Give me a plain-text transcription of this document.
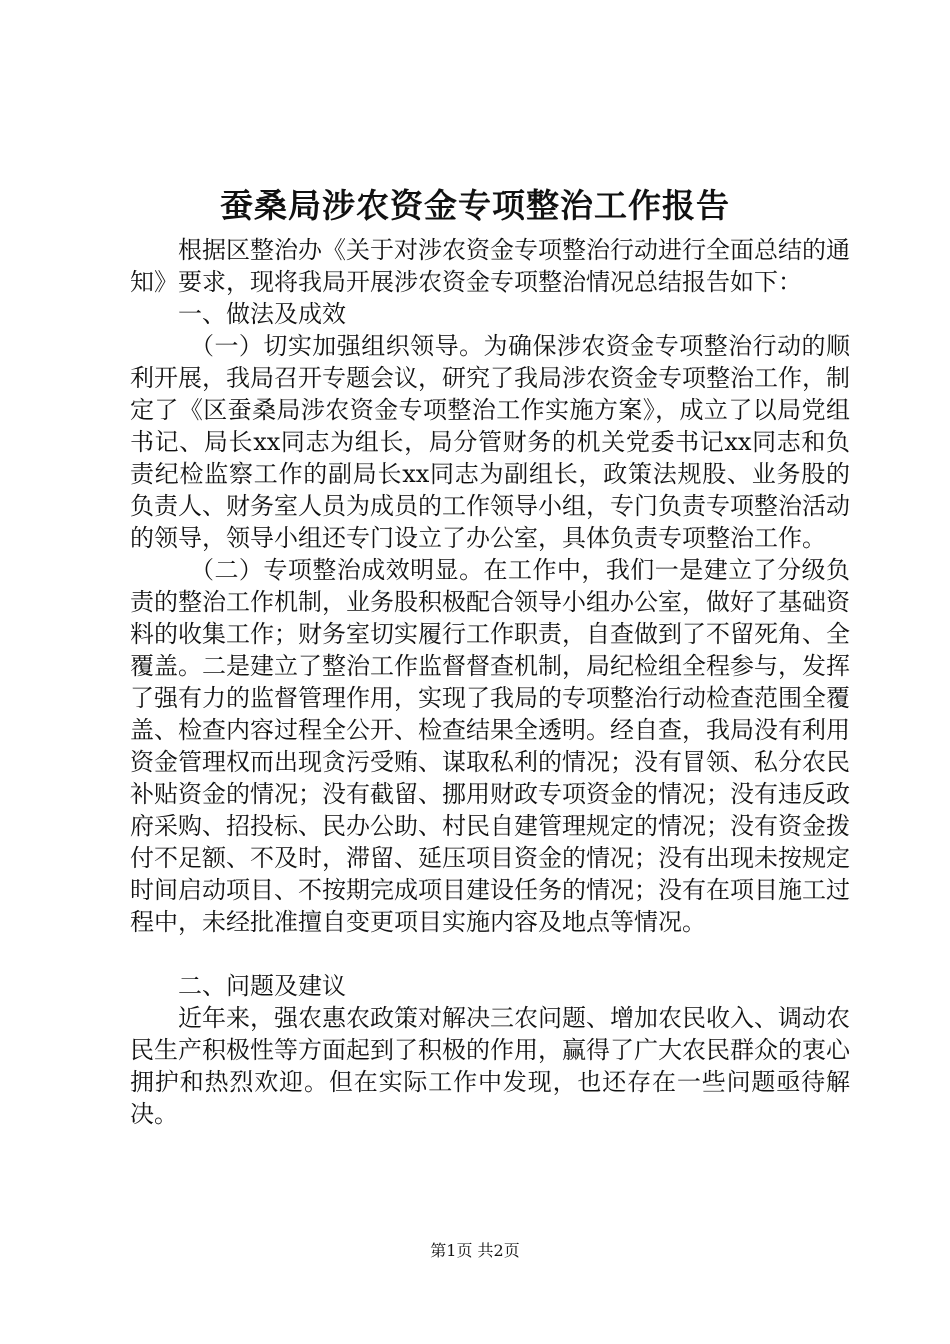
蚕桑局涉农资金专项整治工作报告

根据区整治办《关于对涉农资金专项整治行动进行全面总结的通知》要求，现将我局开展涉农资金专项整治情况总结报告如下：

一、做法及成效

（一）切实加强组织领导。为确保涉农资金专项整治行动的顺利开展，我局召开专题会议，研究了我局涉农资金专项整治工作，制定了《区蚕桑局涉农资金专项整治工作实施方案》，成立了以局党组书记、局长xx同志为组长，局分管财务的机关党委书记xx同志和负责纪检监察工作的副局长xx同志为副组长，政策法规股、业务股的负责人、财务室人员为成员的工作领导小组，专门负责专项整治活动的领导，领导小组还专门设立了办公室，具体负责专项整治工作。

（二）专项整治成效明显。在工作中，我们一是建立了分级负责的整治工作机制，业务股积极配合领导小组办公室，做好了基础资料的收集工作；财务室切实履行工作职责，自查做到了不留死角、全覆盖。二是建立了整治工作监督督查机制，局纪检组全程参与，发挥了强有力的监督管理作用，实现了我局的专项整治行动检查范围全覆盖、检查内容过程全公开、检查结果全透明。经自查，我局没有利用资金管理权而出现贪污受贿、谋取私利的情况；没有冒领、私分农民补贴资金的情况；没有截留、挪用财政专项资金的情况；没有违反政府采购、招投标、民办公助、村民自建管理规定的情况；没有资金拨付不足额、不及时，滞留、延压项目资金的情况；没有出现未按规定时间启动项目、不按期完成项目建设任务的情况；没有在项目施工过程中，未经批准擅自变更项目实施内容及地点等情况。

二、问题及建议

近年来，强农惠农政策对解决三农问题、增加农民收入、调动农民生产积极性等方面起到了积极的作用，赢得了广大农民群众的衷心拥护和热烈欢迎。但在实际工作中发现，也还存在一些问题亟待解决。

第1页 共2页
